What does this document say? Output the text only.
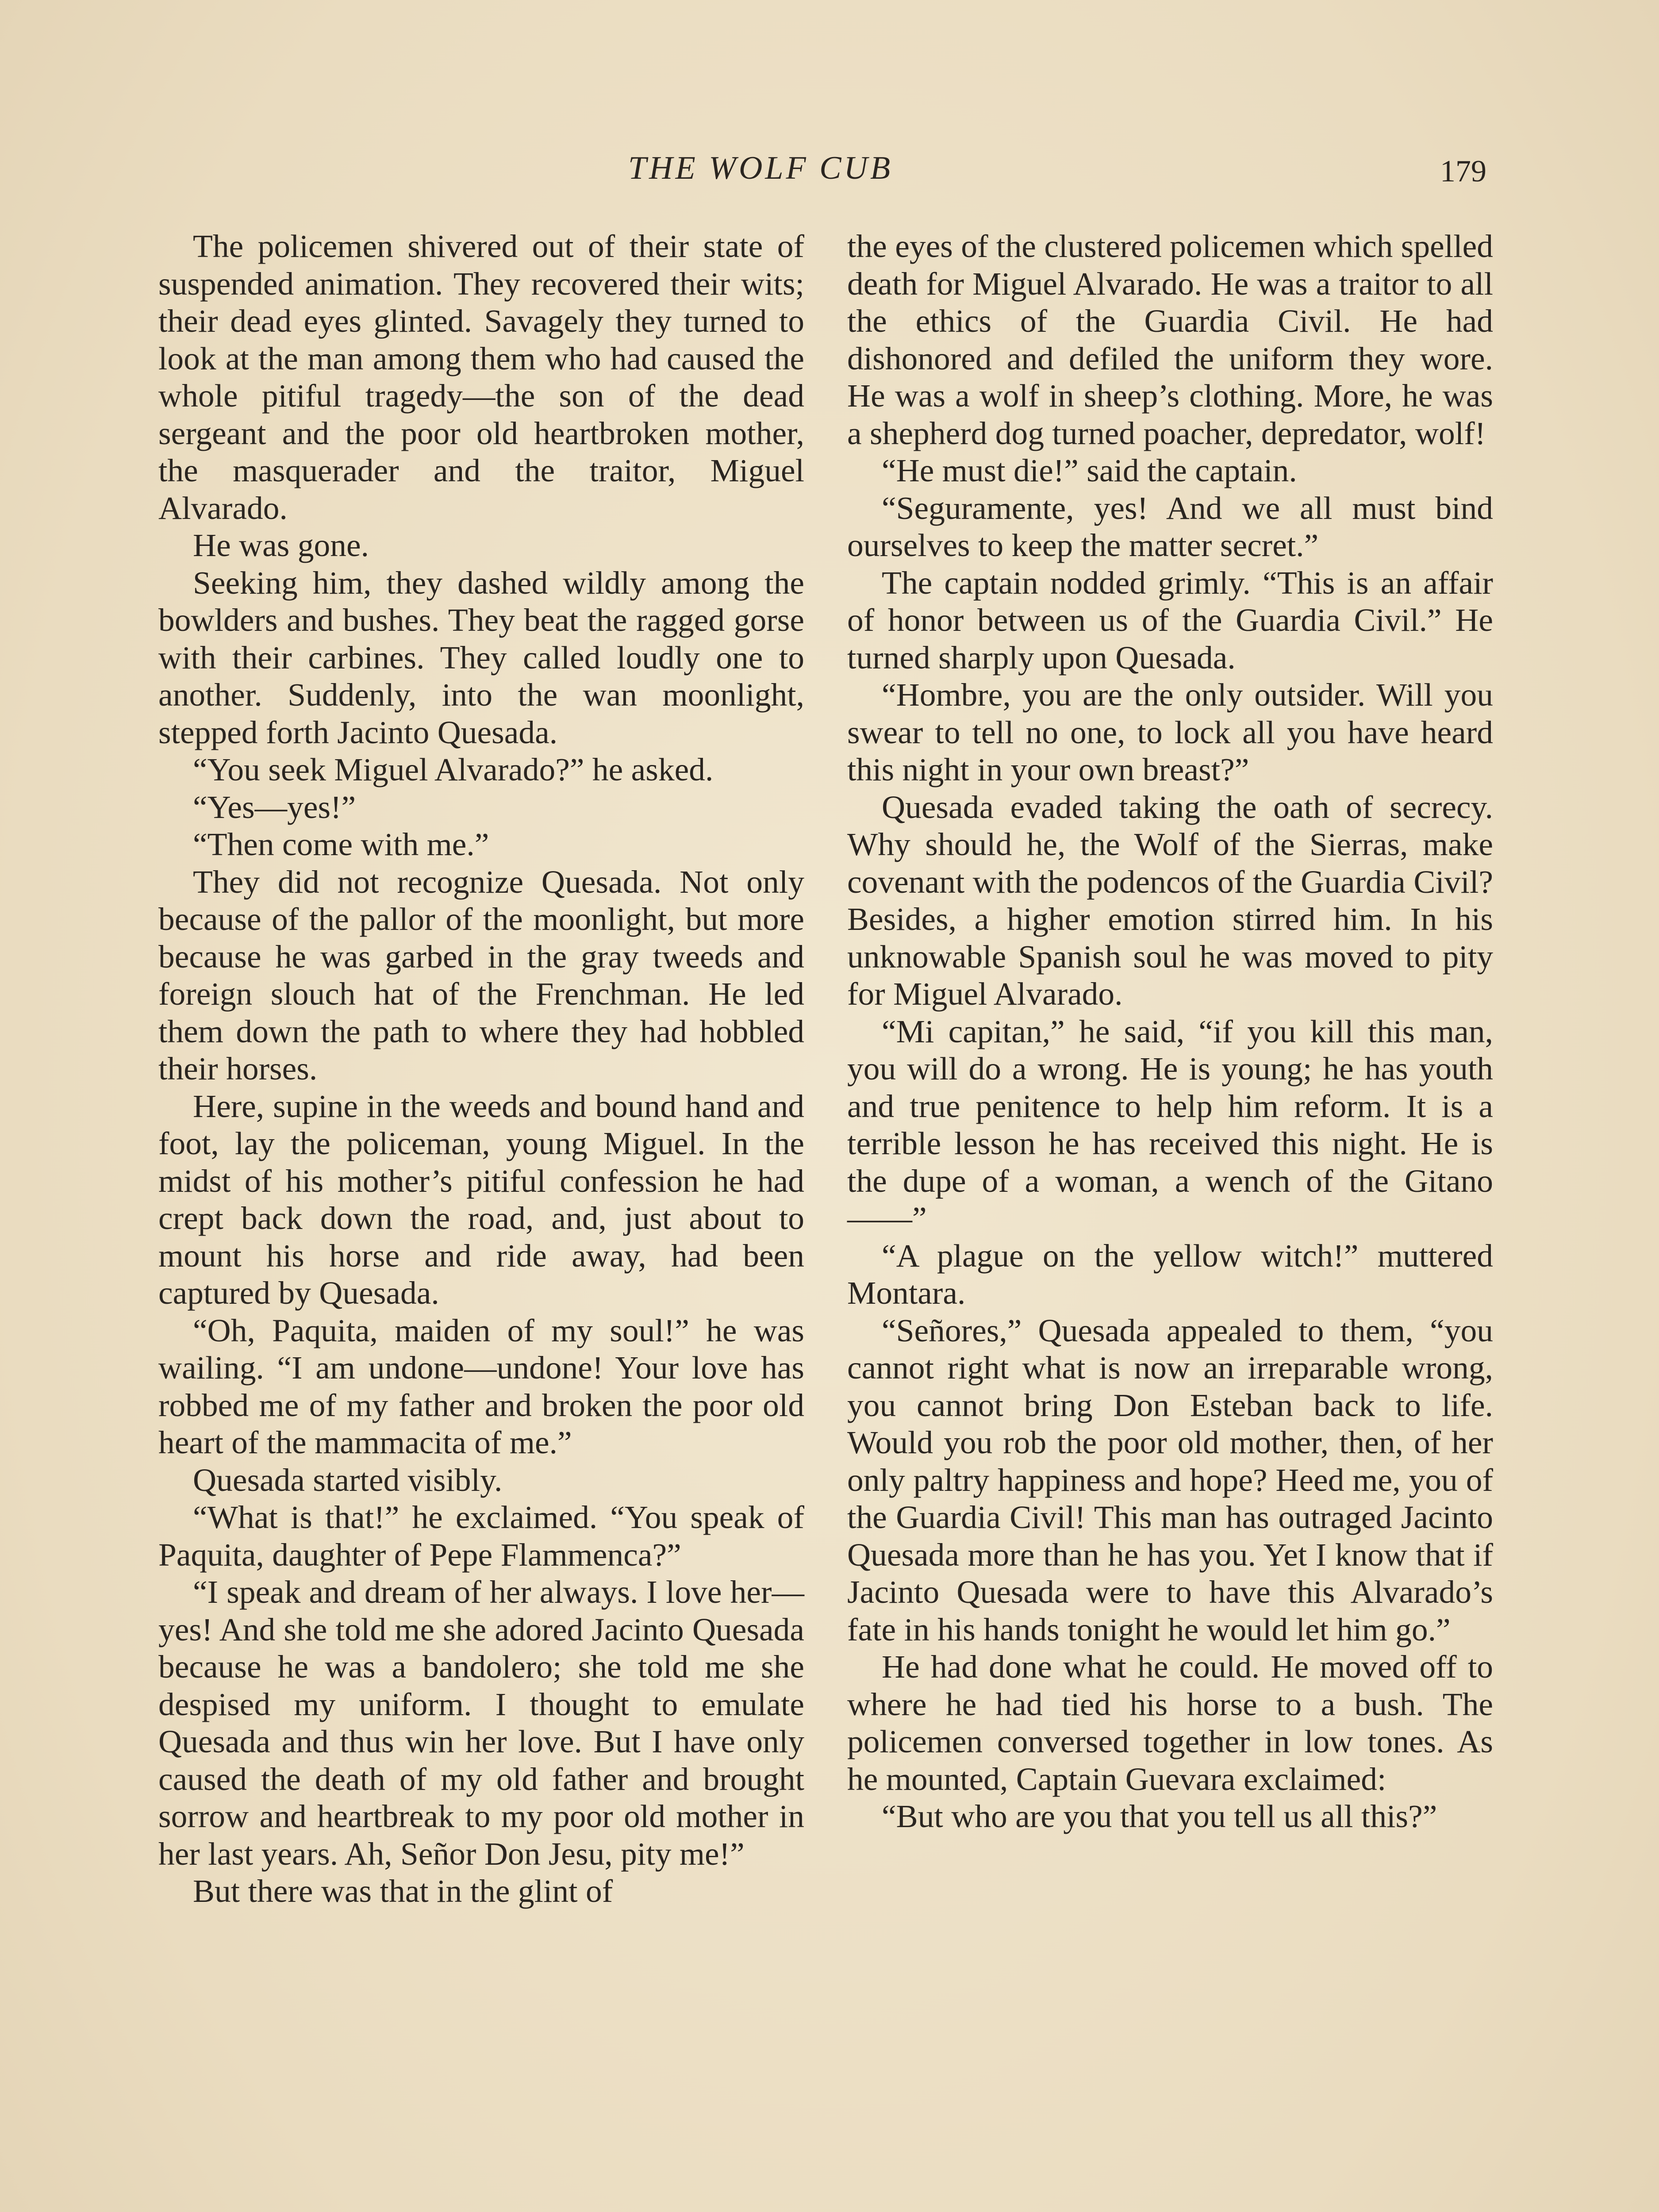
THE WOLF CUB	179

The policemen shivered out of their state of suspended animation. They recovered their wits; their dead eyes glinted. Savagely they turned to look at the man among them who had caused the whole pitiful tragedy—the son of the dead sergeant and the poor old heartbroken mother, the masquerader and the traitor, Miguel Alvarado.

He was gone.

Seeking him, they dashed wildly among the bowlders and bushes. They beat the ragged gorse with their carbines. They called loudly one to another. Suddenly, into the wan moonlight, stepped forth Jacinto Quesada.

“You seek Miguel Alvarado?” he asked.

“Yes—yes!”

“Then come with me.”

They did not recognize Quesada. Not only because of the pallor of the moonlight, but more because he was garbed in the gray tweeds and foreign slouch hat of the Frenchman. He led them down the path to where they had hobbled their horses.

Here, supine in the weeds and bound hand and foot, lay the policeman, young Miguel. In the midst of his mother’s pitiful confession he had crept back down the road, and, just about to mount his horse and ride away, had been captured by Quesada.

“Oh, Paquita, maiden of my soul!” he was wailing. “I am undone—undone! Your love has robbed me of my father and broken the poor old heart of the mammacita of me.”

Quesada started visibly.

“What is that!” he exclaimed. “You speak of Paquita, daughter of Pepe Flammenca?”

“I speak and dream of her always. I love her—yes! And she told me she adored Jacinto Quesada because he was a bandolero; she told me she despised my uniform. I thought to emulate Quesada and thus win her love. But I have only caused the death of my old father and brought sorrow and heartbreak to my poor old mother in her last years. Ah, Señor Don Jesu, pity me!”

But there was that in the glint of

the eyes of the clustered policemen which spelled death for Miguel Alvarado. He was a traitor to all the ethics of the Guardia Civil. He had dishonored and defiled the uniform they wore. He was a wolf in sheep’s clothing. More, he was a shepherd dog turned poacher, depredator, wolf!

“He must die!” said the captain.

“Seguramente, yes! And we all must bind ourselves to keep the matter secret.”

The captain nodded grimly. “This is an affair of honor between us of the Guardia Civil.” He turned sharply upon Quesada.

“Hombre, you are the only outsider. Will you swear to tell no one, to lock all you have heard this night in your own breast?”

Quesada evaded taking the oath of secrecy. Why should he, the Wolf of the Sierras, make covenant with the podencos of the Guardia Civil? Besides, a higher emotion stirred him. In his unknowable Spanish soul he was moved to pity for Miguel Alvarado.

“Mi capitan,” he said, “if you kill this man, you will do a wrong. He is young; he has youth and true penitence to help him reform. It is a terrible lesson he has received this night. He is the dupe of a woman, a wench of the Gitano——”

“A plague on the yellow witch!” muttered Montara.

“Señores,” Quesada appealed to them, “you cannot right what is now an irreparable wrong, you cannot bring Don Esteban back to life. Would you rob the poor old mother, then, of her only paltry happiness and hope? Heed me, you of the Guardia Civil! This man has outraged Jacinto Quesada more than he has you. Yet I know that if Jacinto Quesada were to have this Alvarado’s fate in his hands tonight he would let him go.”

He had done what he could. He moved off to where he had tied his horse to a bush. The policemen conversed together in low tones. As he mounted, Captain Guevara exclaimed:

“But who are you that you tell us all this?”
